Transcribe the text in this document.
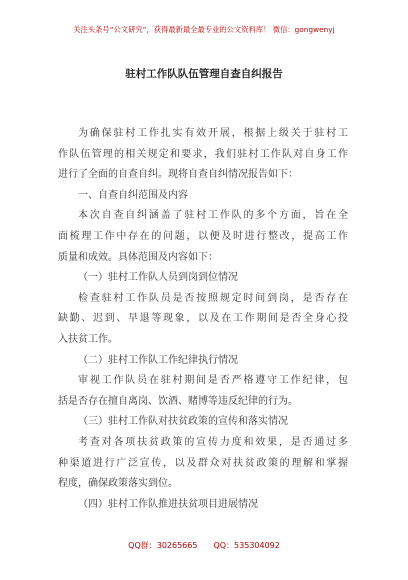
关注头条号“公文研究”，获得最新最全最专业的公文资料库！ 微信：gongwenyj
驻村工作队队伍管理自查自纠报告
为确保驻村工作扎实有效开展，根据上级关于驻村工
作队伍管理的相关规定和要求，我们驻村工作队对自身工作
进行了全面的自查自纠。现将自查自纠情况报告如下：
一、自查自纠范围及内容
本次自查自纠涵盖了驻村工作队的多个方面，旨在全
面梳理工作中存在的问题，以便及时进行整改，提高工作
质量和成效。具体范围及内容如下：
（一）驻村工作队人员到岗到位情况
检查驻村工作队员是否按照规定时间到岗，是否存在
缺勤、迟到、早退等现象，以及在工作期间是否全身心投
入扶贫工作。
（二）驻村工作队工作纪律执行情况
审视工作队员在驻村期间是否严格遵守工作纪律，包
括是否存在擅自离岗、饮酒、赌博等违反纪律的行为。
（三）驻村工作队对扶贫政策的宣传和落实情况
考查对各项扶贫政策的宣传力度和效果，是否通过多
种渠道进行广泛宣传，以及群众对扶贫政策的理解和掌握
程度，确保政策落实到位。
（四）驻村工作队推进扶贫项目进展情况
QQ群：30265665 QQ：535304092
